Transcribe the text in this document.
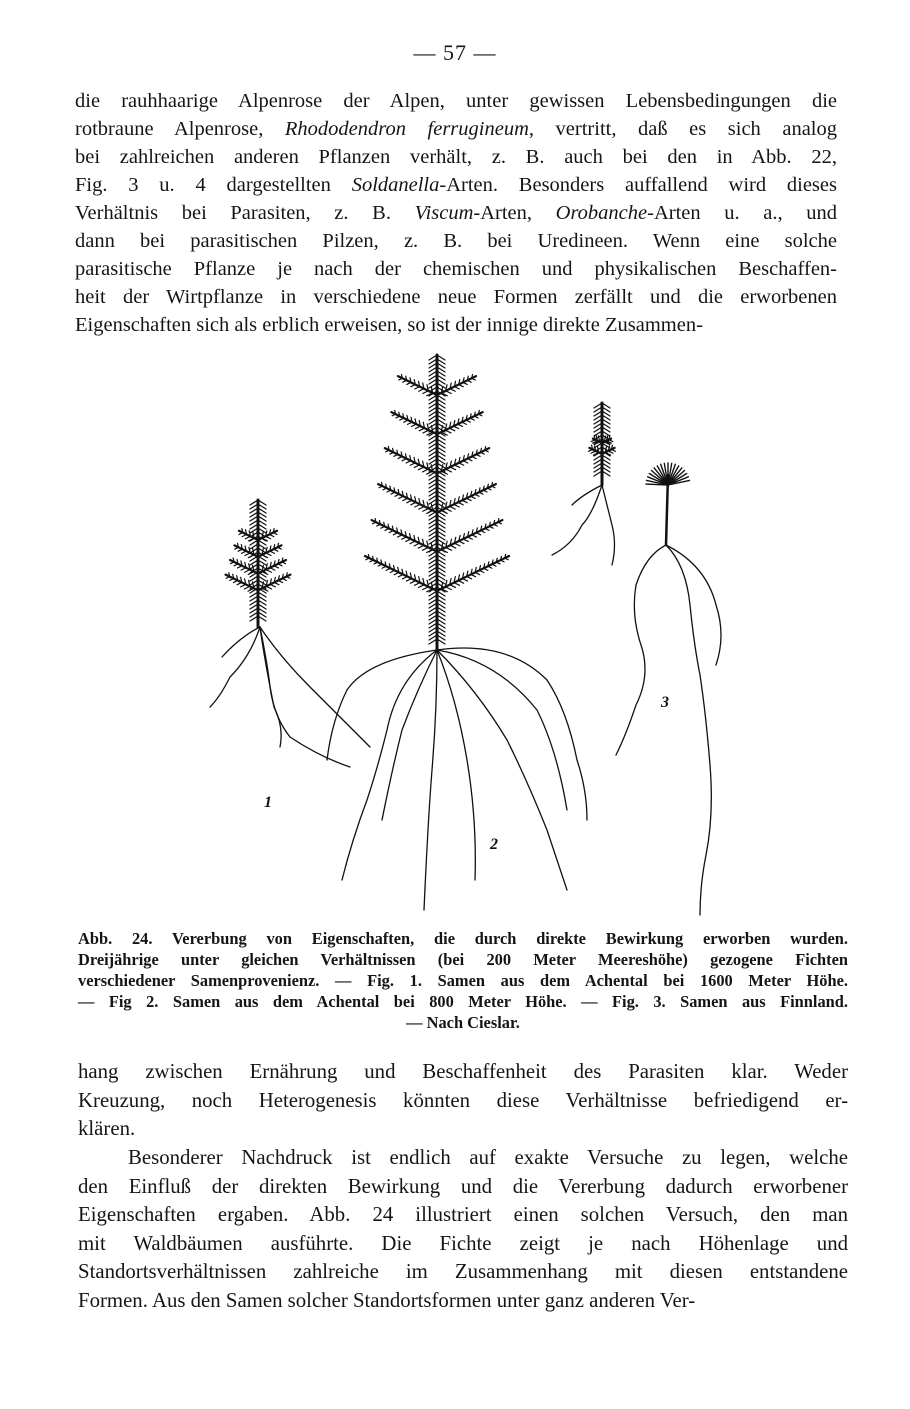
— 57 —

die rauhhaarige Alpenrose der Alpen, unter gewissen Lebensbedingungen die
rotbraune Alpenrose, Rhododendron ferrugineum, vertritt, daß es sich analog
bei zahlreichen anderen Pflanzen verhält, z. B. auch bei den in Abb. 22,
Fig. 3 u. 4 dargestellten Soldanella-Arten. Besonders auffallend wird dieses
Verhältnis bei Parasiten, z. B. Viscum-Arten, Orobanche-Arten u. a., und
dann bei parasitischen Pilzen, z. B. bei Uredineen. Wenn eine solche
parasitische Pflanze je nach der chemischen und physikalischen Beschaffen-
heit der Wirtpflanze in verschiedene neue Formen zerfällt und die erworbenen
Eigenschaften sich als erblich erweisen, so ist der innige direkte Zusammen-

1
2
3
Abb. 24. Vererbung von Eigenschaften, die durch direkte Bewirkung erworben wurden.
Dreijährige unter gleichen Verhältnissen (bei 200 Meter Meereshöhe) gezogene Fichten
verschiedener Samenprovenienz. — Fig. 1. Samen aus dem Achental bei 1600 Meter Höhe.
— Fig 2. Samen aus dem Achental bei 800 Meter Höhe. — Fig. 3. Samen aus Finnland.
— Nach Cieslar.

hang zwischen Ernährung und Beschaffenheit des Parasiten klar. Weder
Kreuzung, noch Heterogenesis könnten diese Verhältnisse befriedigend er-
klären.

Besonderer Nachdruck ist endlich auf exakte Versuche zu legen, welche
den Einfluß der direkten Bewirkung und die Vererbung dadurch erworbener
Eigenschaften ergaben. Abb. 24 illustriert einen solchen Versuch, den man
mit Waldbäumen ausführte. Die Fichte zeigt je nach Höhenlage und
Standortsverhältnissen zahlreiche im Zusammenhang mit diesen entstandene
Formen. Aus den Samen solcher Standortsformen unter ganz anderen Ver-
